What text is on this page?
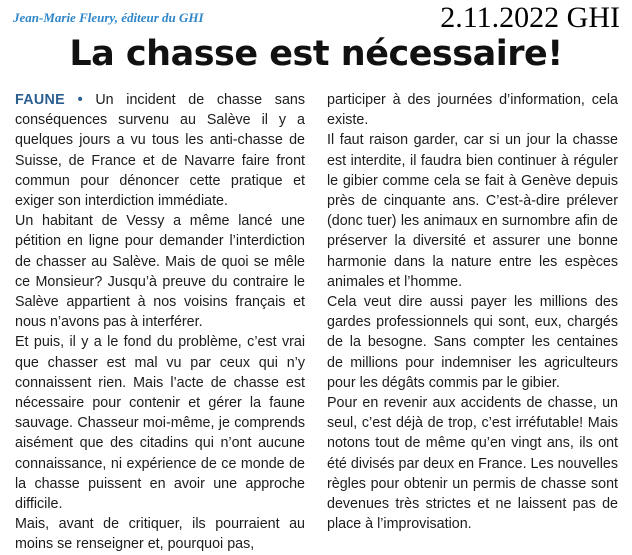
Jean-Marie Fleury, éditeur du GHI	2.11.2022 GHI
La chasse est nécessaire!

FAUNE • Un incident de chasse sans conséquences survenu au Salève il y a quelques jours a vu tous les anti-chasse de Suisse, de France et de Navarre faire front commun pour dénoncer cette pratique et exiger son interdiction immédiate.

Un habitant de Vessy a même lancé une pétition en ligne pour demander l’interdiction de chasser au Salève. Mais de quoi se mêle ce Monsieur? Jusqu’à preuve du contraire le Salève appartient à nos voisins français et nous n’avons pas à interférer.

Et puis, il y a le fond du problème, c’est vrai que chasser est mal vu par ceux qui n’y connaissent rien. Mais l’acte de chasse est nécessaire pour contenir et gérer la faune sauvage. Chasseur moi-même, je comprends aisément que des citadins qui n’ont aucune connaissance, ni expérience de ce monde de la chasse puissent en avoir une approche difficile.

Mais, avant de critiquer, ils pourraient au moins se renseigner et, pourquoi pas,

participer à des journées d’information, cela existe.

Il faut raison garder, car si un jour la chasse est interdite, il faudra bien continuer à réguler le gibier comme cela se fait à Genève depuis près de cinquante ans. C’est-à-dire prélever (donc tuer) les animaux en surnombre afin de préserver la diversité et assurer une bonne harmonie dans la nature entre les espèces animales et l’homme.

Cela veut dire aussi payer les millions des gardes professionnels qui sont, eux, chargés de la besogne. Sans compter les centaines de millions pour indemniser les agriculteurs pour les dégâts commis par le gibier.

Pour en revenir aux accidents de chasse, un seul, c’est déjà de trop, c’est irréfutable! Mais notons tout de même qu’en vingt ans, ils ont été divisés par deux en France. Les nouvelles règles pour obtenir un permis de chasse sont devenues très strictes et ne laissent pas de place à l’improvisation.
